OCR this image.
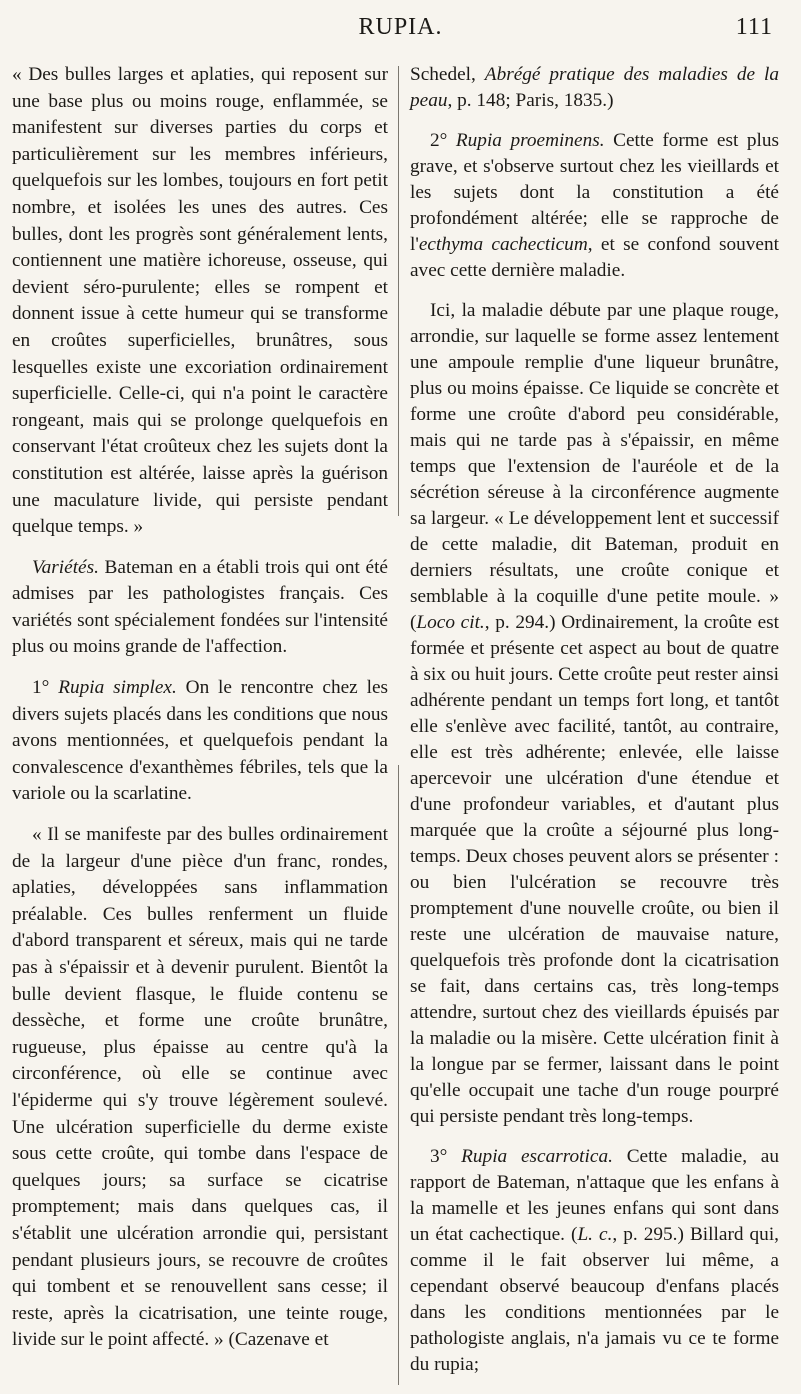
RUPIA.	111

« Des bulles larges et aplaties, qui reposent sur une base plus ou moins rouge, enflammée, se manifestent sur diverses parties du corps et particulièrement sur les membres inférieurs, quelquefois sur les lombes, toujours en fort petit nombre, et isolées les unes des autres. Ces bulles, dont les progrès sont généralement lents, contiennent une matière ichoreuse, osseuse, qui devient séro-purulente; elles se rompent et donnent issue à cette humeur qui se transforme en croûtes superficielles, brunâtres, sous lesquelles existe une excoriation ordinairement superficielle. Celle-ci, qui n'a point le caractère rongeant, mais qui se prolonge quelquefois en conservant l'état croûteux chez les sujets dont la constitution est altérée, laisse après la guérison une maculature livide, qui persiste pendant quelque temps. »

Variétés. Bateman en a établi trois qui ont été admises par les pathologistes français. Ces variétés sont spécialement fondées sur l'intensité plus ou moins grande de l'affection.

1° Rupia simplex. On le rencontre chez les divers sujets placés dans les conditions que nous avons mentionnées, et quelquefois pendant la convalescence d'exanthèmes fébriles, tels que la variole ou la scarlatine.

« Il se manifeste par des bulles ordinairement de la largeur d'une pièce d'un franc, rondes, aplaties, développées sans inflammation préalable. Ces bulles renferment un fluide d'abord transparent et séreux, mais qui ne tarde pas à s'épaissir et à devenir purulent. Bientôt la bulle devient flasque, le fluide contenu se dessèche, et forme une croûte brunâtre, rugueuse, plus épaisse au centre qu'à la circonférence, où elle se continue avec l'épiderme qui s'y trouve légèrement soulevé. Une ulcération superficielle du derme existe sous cette croûte, qui tombe dans l'espace de quelques jours; sa surface se cicatrise promptement; mais dans quelques cas, il s'établit une ulcération arrondie qui, persistant pendant plusieurs jours, se recouvre de croûtes qui tombent et se renouvellent sans cesse; il reste, après la cicatrisation, une teinte rouge, livide sur le point affecté. » (Cazenave et

Schedel, Abrégé pratique des maladies de la peau, p. 148; Paris, 1835.)

2° Rupia proeminens. Cette forme est plus grave, et s'observe surtout chez les vieillards et les sujets dont la constitution a été profondément altérée; elle se rapproche de l'ecthyma cachecticum, et se confond souvent avec cette dernière maladie.

Ici, la maladie débute par une plaque rouge, arrondie, sur laquelle se forme assez lentement une ampoule remplie d'une liqueur brunâtre, plus ou moins épaisse. Ce liquide se concrète et forme une croûte d'abord peu considérable, mais qui ne tarde pas à s'épaissir, en même temps que l'extension de l'auréole et de la sécrétion séreuse à la circonférence augmente sa largeur. « Le développement lent et successif de cette maladie, dit Bateman, produit en derniers résultats, une croûte conique et semblable à la coquille d'une petite moule. » (Loco cit., p. 294.) Ordinairement, la croûte est formée et présente cet aspect au bout de quatre à six ou huit jours. Cette croûte peut rester ainsi adhérente pendant un temps fort long, et tantôt elle s'enlève avec facilité, tantôt, au contraire, elle est très adhérente; enlevée, elle laisse apercevoir une ulcération d'une étendue et d'une profondeur variables, et d'autant plus marquée que la croûte a séjourné plus long-temps. Deux choses peuvent alors se présenter : ou bien l'ulcération se recouvre très promptement d'une nouvelle croûte, ou bien il reste une ulcération de mauvaise nature, quelquefois très profonde dont la cicatrisation se fait, dans certains cas, très long-temps attendre, surtout chez des vieillards épuisés par la maladie ou la misère. Cette ulcération finit à la longue par se fermer, laissant dans le point qu'elle occupait une tache d'un rouge pourpré qui persiste pendant très long-temps.

3° Rupia escarrotica. Cette maladie, au rapport de Bateman, n'attaque que les enfans à la mamelle et les jeunes enfans qui sont dans un état cachectique. (L. c., p. 295.) Billard qui, comme il le fait observer lui même, a cependant observé beaucoup d'enfans placés dans les conditions mentionnées par le pathologiste anglais, n'a jamais vu ce te forme du rupia;
